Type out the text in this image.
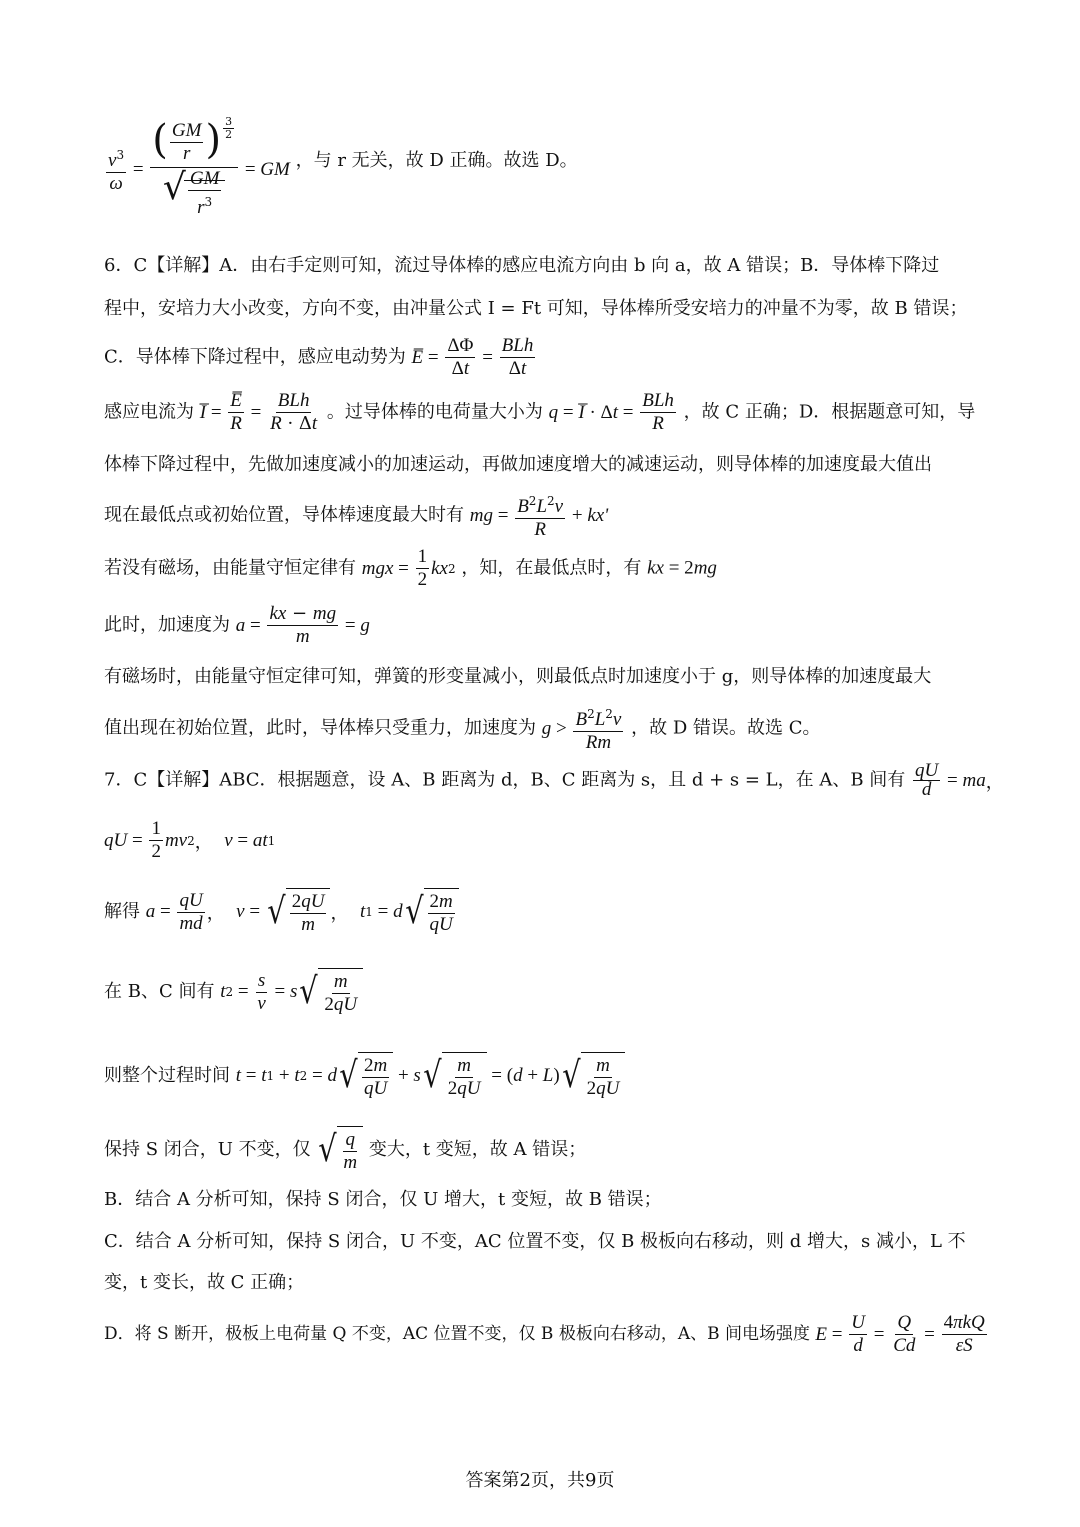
$\frac{v^3}{\omega} = \frac{( \frac{GM}{r} ) \frac{3}{2}}{√ \frac{GM}{r^3}}$ = GM ，与 r 无关，故 D 正确。故选 D。
6．C【详解】A．由右手定则可知，流过导体棒的感应电流方向由 b 向 a，故 A 错误；B．导体棒下降过
程中，安培力大小改变，方向不变，由冲量公式 I = Ft 可知，导体棒所受安培力的冲量不为零，故 B 错误；
C．导体棒下降过程中，感应电动势为 E̅ = $\frac{\Delta\Phi}{\Delta t} = \frac{\text{BLh}}{\Delta t}$
感应电流为 I̅ = $\frac{E̅}{R} = \frac{\text{BLh}}{R \cdot \Delta t}$ 。过导体棒的电荷量大小为 q = I̅ · Δ $t = \frac{\text{BLh}}{R}$ ，故 C 正确；D．根据题意可知，导
体棒下降过程中，先做加速度减小的加速运动，再做加速度增大的减速运动，则导体棒的加速度最大值出
现在最低点或初始位置，导体棒速度最大时有 mg = $\frac{B^2L^2v}{R} + kx'$
若没有磁场，由能量守恒定律有 mgx = $\frac{1}{2}$ kx 2 ，知，在最低点时，有 kx = 2mg
此时，加速度为 $a = \frac{kx - mg}{m} = g$
有磁场时，由能量守恒定律可知，弹簧的形变量减小，则最低点时加速度小于 g，则导体棒的加速度最大
值出现在初始位置，此时，导体棒只受重力，加速度为 $g > \frac{B^2L^2v}{Rm}$ ，故 D 错误。故选 C。
7．C【详解】ABC．根据题意，设 A、B 距离为 d，B、C 距离为 s，且 d + s = L，在 A、B 间有 $\frac{qU}{d}$ = ma ，
qU = $\frac{1}{2}$ mv 2 ， v = at 1
解得 $a = \frac{qU}{md}$ ， v = √ $\frac{2qU}{m}$ ， t 1 = d √ $\frac{2m}{qU}$
在 B、C 间有 t $2 = \frac{s}{v} = s$ √ $\frac{m}{2qU}$
则整个过程时间 t = t 1 + t 2 = d √ $\frac{2m}{qU} + s$ √ $\frac{m}{2qU}$ = ( d + L ) √ $\frac{m}{2qU}$
保持 S 闭合，U 不变，仅 √ $\frac{q}{m}$ 变大，t 变短，故 A 错误；
B．结合 A 分析可知，保持 S 闭合，仅 U 增大，t 变短，故 B 错误；
C．结合 A 分析可知，保持 S 闭合，U 不变，AC 位置不变，仅 B 极板向右移动，则 d 增大，s 减小，L 不
变，t 变长，故 C 正确；
D．将 S 断开，极板上电荷量 Q 不变，AC 位置不变，仅 B 极板向右移动，A、B 间电场强度 $E = \frac{U}{d} = \frac{Q}{Cd} = \frac{\text{4πkQ}}{\varepsilon S}$
答案第2页，共9页
